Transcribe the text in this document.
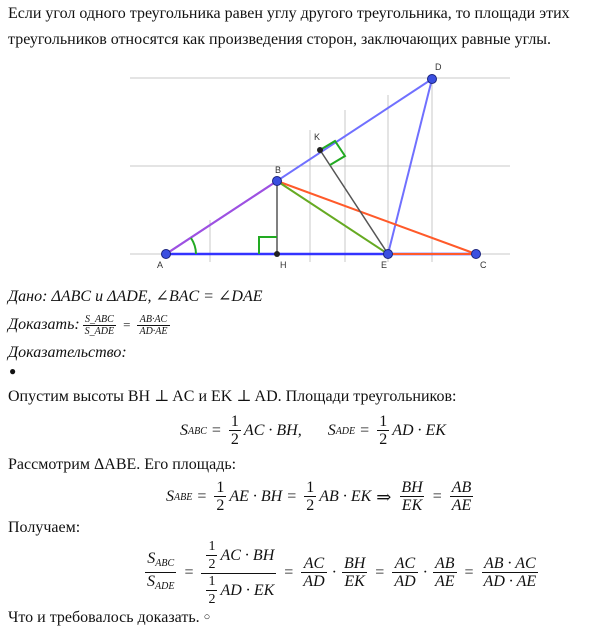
Если угол одного треугольника равен углу другого треугольника, то площади этих
треугольников относятся как произведения сторон, заключающих равные углы.
A
B
C
D
E
H
K
Дано: ΔABC и ΔADE, ∠BAC = ∠DAE
Доказать: $\frac{\text{S\_ABC}}{\text{S\_ADE}} = \frac{AB\cdot AC}{AD\cdot AE}$
Доказательство:
●
Опустим высоты BH ⊥ AC и EK ⊥ AD. Площади треугольников:
S ABC = $\frac{1}{2}$ AC · BH, S ADE = $\frac{1}{2}$ AD · EK
Рассмотрим ΔABE. Его площадь:
S ABE = $\frac{1}{2}$ AE · BH = $\frac{1}{2}$ AB · EK ⇒ $\frac{BH}{EK} = \frac{AB}{AE}$
Получаем:
$\frac{S_{ABC}}{S_{ADE}} = \frac{\frac{1}{2} AC \cdot BH}{\frac{1}{2} AD \cdot EK} = \frac{AC}{AD} \cdot \frac{BH}{EK} = \frac{AC}{AD} \cdot \frac{AB}{AE} = \frac{AB \cdot AC}{AD \cdot AE}$
Что и требовалось доказать. ○
